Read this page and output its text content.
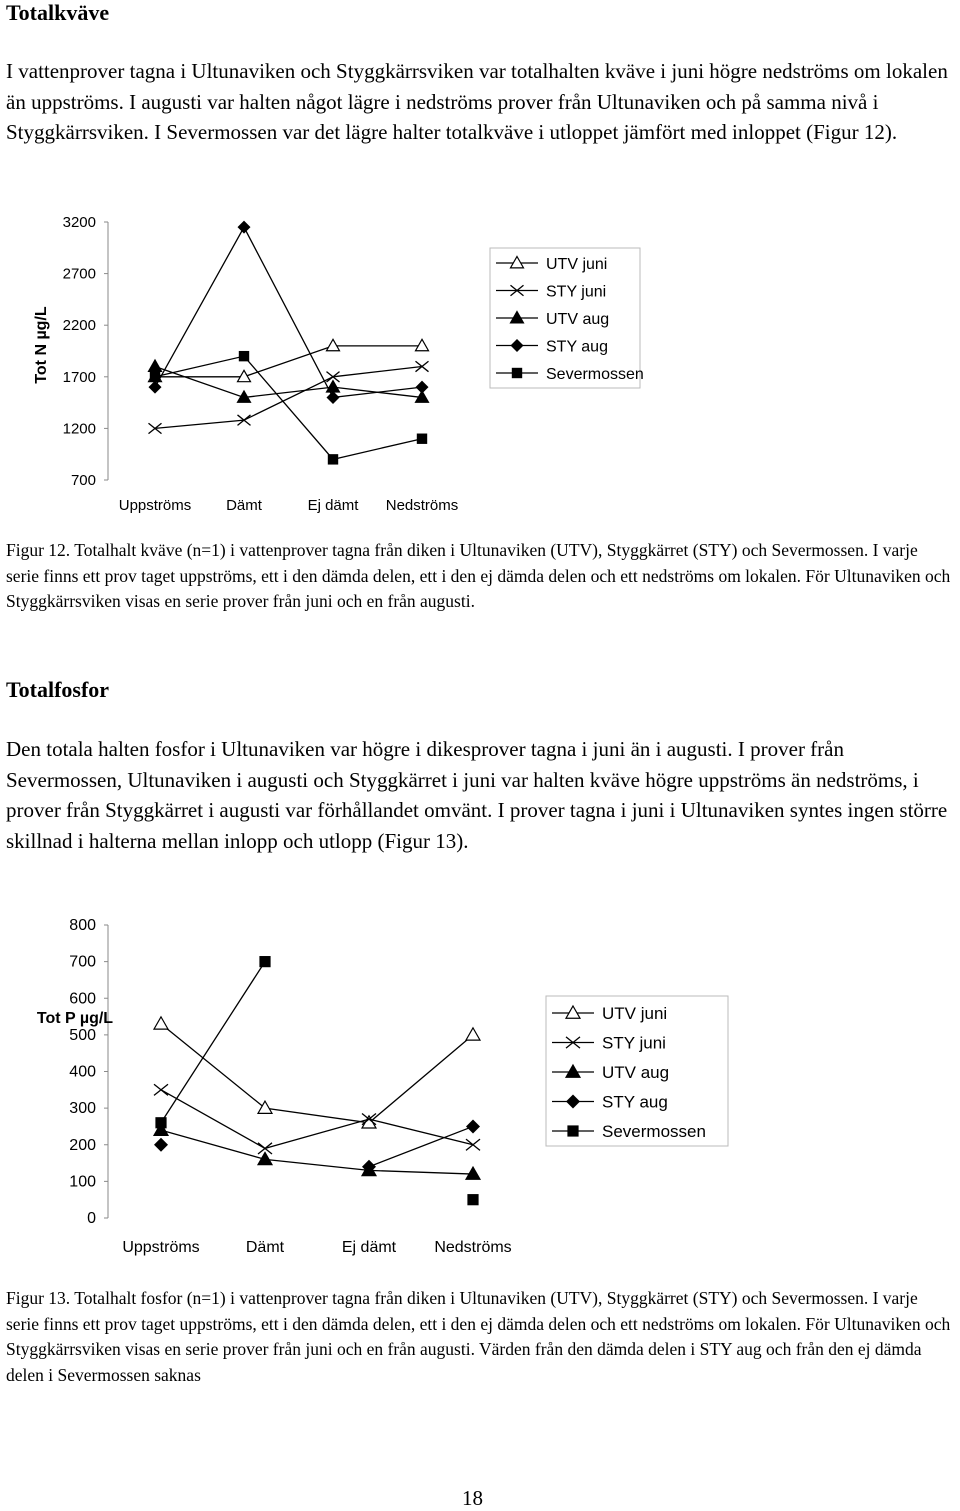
Totalkväve

I vattenprover tagna i Ultunaviken och Styggkärrsviken var totalhalten kväve i juni högre nedströms om lokalen än uppströms. I augusti var halten något lägre i nedströms prover från Ultunaviken och på samma nivå i Styggkärrsviken. I Severmossen var det lägre halter totalkväve i utloppet jämfört med inloppet (Figur 12).

3200
2700
2200
1700
1200
700
Tot N µg/L
Uppströms Dämt	Ej dämt Nedströms
UTV juni
STY juni
UTV aug
STY aug
Severmossen

Figur 12. Totalhalt kväve (n=1) i vattenprover tagna från diken i Ultunaviken (UTV), Styggkärret (STY) och Severmossen. I varje serie finns ett prov taget uppströms, ett i den dämda delen, ett i den ej dämda delen och ett nedströms om lokalen. För Ultunaviken och Styggkärrsviken visas en serie prover från juni och en från augusti.

Totalfosfor

Den totala halten fosfor i Ultunaviken var högre i dikesprover tagna i juni än i augusti. I prover från Severmossen, Ultunaviken i augusti och Styggkärret i juni var halten kväve högre uppströms än nedströms, i prover från Styggkärret i augusti var förhållandet omvänt. I prover tagna i juni i Ultunaviken syntes ingen större skillnad i halterna mellan inlopp och utlopp (Figur 13).

800
700
600
500
400
300
200
100
0
Tot P µg/L
Uppströms	Dämt	Ej dämt Nedströms
UTV juni
STY juni
UTV aug
STY aug
Severmossen

Figur 13. Totalhalt fosfor (n=1) i vattenprover tagna från diken i Ultunaviken (UTV), Styggkärret (STY) och Severmossen. I varje serie finns ett prov taget uppströms, ett i den dämda delen, ett i den ej dämda delen och ett nedströms om lokalen. För Ultunaviken och Styggkärrsviken visas en serie prover från juni och en från augusti. Värden från den dämda delen i STY aug och från den ej dämda delen i Severmossen saknas

18
